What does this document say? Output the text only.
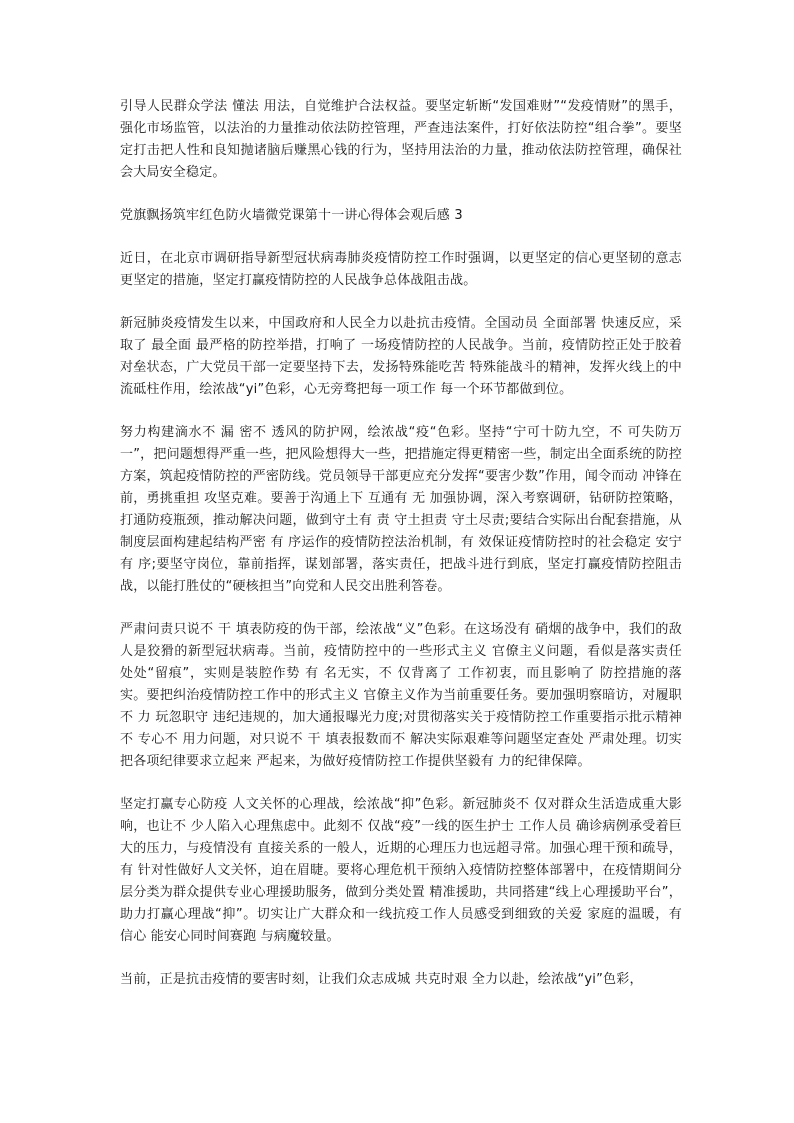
引导人民群众学法 懂法 用法，自觉维护合法权益。要坚定斩断“发国难财”“发疫情财”的黑手，强化市场监管，以法治的力量推动依法防控管理，严查违法案件，打好依法防控“组合拳”。要坚定打击把人性和良知抛诸脑后赚黑心钱的行为，坚持用法治的力量，推动依法防控管理，确保社会大局安全稳定。

党旗飘扬筑牢红色防火墙微党课第十一讲心得体会观后感 3

近日，在北京市调研指导新型冠状病毒肺炎疫情防控工作时强调，以更坚定的信心更坚韧的意志更坚定的措施，坚定打赢疫情防控的人民战争总体战阻击战。

新冠肺炎疫情发生以来，中国政府和人民全力以赴抗击疫情。全国动员 全面部署 快速反应，采取了 最全面 最严格的防控举措，打响了 一场疫情防控的人民战争。当前，疫情防控正处于胶着对垒状态，广大党员干部一定要坚持下去，发扬特殊能吃苦 特殊能战斗的精神，发挥火线上的中流砥柱作用，绘浓战“yi”色彩，心无旁骛把每一项工作 每一个环节都做到位。

努力构建滴水不 漏 密不 透风的防护网，绘浓战“疫“色彩。坚持“宁可十防九空，不 可失防万一”，把问题想得严重一些，把风险想得大一些，把措施定得更精密一些，制定出全面系统的防控方案，筑起疫情防控的严密防线。党员领导干部更应充分发挥“要害少数”作用，闻令而动 冲锋在前，勇挑重担 攻坚克难。要善于沟通上下 互通有 无 加强协调，深入考察调研，钻研防控策略，打通防疫瓶颈，推动解决问题，做到守土有 责 守土担责 守土尽责;要结合实际出台配套措施，从制度层面构建起结构严密 有 序运作的疫情防控法治机制，有 效保证疫情防控时的社会稳定 安宁有 序;要坚守岗位，靠前指挥，谋划部署，落实责任，把战斗进行到底，坚定打赢疫情防控阻击战，以能打胜仗的“硬核担当”向党和人民交出胜利答卷。

严肃问责只说不 干 填表防疫的伪干部，绘浓战“义”色彩。在这场没有 硝烟的战争中，我们的敌人是狡猾的新型冠状病毒。当前，疫情防控中的一些形式主义 官僚主义问题，看似是落实责任 处处“留痕”，实则是装腔作势 有 名无实，不 仅背离了 工作初衷，而且影响了 防控措施的落实。要把纠治疫情防控工作中的形式主义 官僚主义作为当前重要任务。要加强明察暗访，对履职不 力 玩忽职守 违纪违规的，加大通报曝光力度;对贯彻落实关于疫情防控工作重要指示批示精神不 专心不 用力问题，对只说不 干 填表报数而不 解决实际艰难等问题坚定查处 严肃处理。切实把各项纪律要求立起来 严起来，为做好疫情防控工作提供坚毅有 力的纪律保障。

坚定打赢专心防疫 人文关怀的心理战，绘浓战“抑”色彩。新冠肺炎不 仅对群众生活造成重大影响，也让不 少人陷入心理焦虑中。此刻不 仅战“疫”一线的医生护士 工作人员 确诊病例承受着巨大的压力，与疫情没有 直接关系的一般人，近期的心理压力也远超寻常。加强心理干预和疏导，有 针对性做好人文关怀，迫在眉睫。要将心理危机干预纳入疫情防控整体部署中，在疫情期间分层分类为群众提供专业心理援助服务，做到分类处置 精准援助，共同搭建“线上心理援助平台”，助力打赢心理战“抑”。切实让广大群众和一线抗疫工作人员感受到细致的关爱 家庭的温暖，有 信心 能安心同时间赛跑 与病魔较量。

当前，正是抗击疫情的要害时刻，让我们众志成城 共克时艰 全力以赴，绘浓战“yi”色彩，
